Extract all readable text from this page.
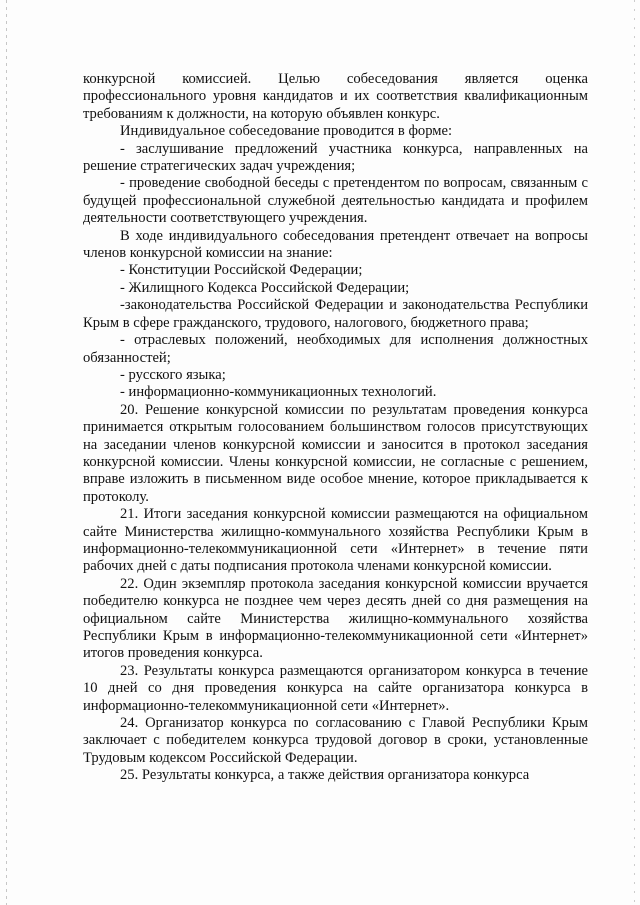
конкурсной комиссией. Целью собеседования является оценка профессионального уровня кандидатов и их соответствия квалификационным требованиям к должности, на которую объявлен конкурс.

Индивидуальное собеседование проводится в форме:

- заслушивание предложений участника конкурса, направленных на решение стратегических задач учреждения;

- проведение свободной беседы с претендентом по вопросам, связанным с будущей профессиональной служебной деятельностью кандидата и профилем деятельности соответствующего учреждения.

В ходе индивидуального собеседования претендент отвечает на вопросы членов конкурсной комиссии на знание:

- Конституции Российской Федерации;

- Жилищного Кодекса Российской Федерации;

-законодательства Российской Федерации и законодательства Республики Крым в сфере гражданского, трудового, налогового, бюджетного права;

- отраслевых положений, необходимых для исполнения должностных обязанностей;

- русского языка;

- информационно-коммуникационных технологий.

20. Решение конкурсной комиссии по результатам проведения конкурса принимается открытым голосованием большинством голосов присутствующих на заседании членов конкурсной комиссии и заносится в протокол заседания конкурсной комиссии. Члены конкурсной комиссии, не согласные с решением, вправе изложить в письменном виде особое мнение, которое прикладывается к протоколу.

21. Итоги заседания конкурсной комиссии размещаются на официальном сайте Министерства жилищно-коммунального хозяйства Республики Крым в информационно-телекоммуникационной сети «Интернет» в течение пяти рабочих дней с даты подписания протокола членами конкурсной комиссии.

22. Один экземпляр протокола заседания конкурсной комиссии вручается победителю конкурса не позднее чем через десять дней со дня размещения на официальном сайте Министерства жилищно-коммунального хозяйства Республики Крым в информационно-телекоммуникационной сети «Интернет» итогов проведения конкурса.

23. Результаты конкурса размещаются организатором конкурса в течение 10 дней со дня проведения конкурса на сайте организатора конкурса в информационно-телекоммуникационной сети «Интернет».

24. Организатор конкурса по согласованию с Главой Республики Крым заключает с победителем конкурса трудовой договор в сроки, установленные Трудовым кодексом Российской Федерации.

25. Результаты конкурса, а также действия организатора конкурса
